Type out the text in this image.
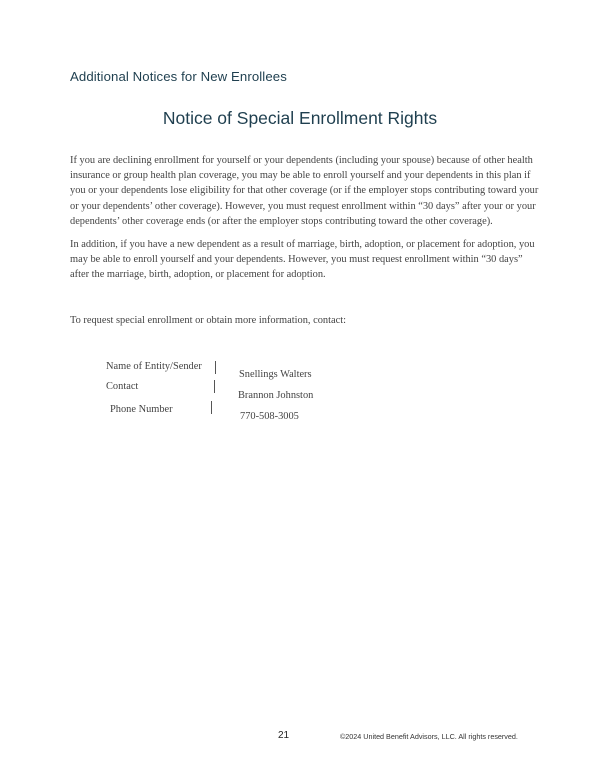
Additional Notices for New Enrollees
Notice of Special Enrollment Rights

If you are declining enrollment for yourself or your dependents (including your spouse) because of other health insurance or group health plan coverage, you may be able to enroll yourself and your dependents in this plan if you or your dependents lose eligibility for that other coverage (or if the employer stops contributing toward your or your dependents’ other coverage). However, you must request enrollment within “30 days” after your or your dependents’ other coverage ends (or after the employer stops contributing toward the other coverage).

In addition, if you have a new dependent as a result of marriage, birth, adoption, or placement for adoption, you may be able to enroll yourself and your dependents. However, you must request enrollment within “30 days” after the marriage, birth, adoption, or placement for adoption.

To request special enrollment or obtain more information, contact:

Name of Entity/Sender
Contact
Phone Number
Snellings Walters
Brannon Johnston
770-508-3005
21	©2024 United Benefit Advisors, LLC. All rights reserved.
